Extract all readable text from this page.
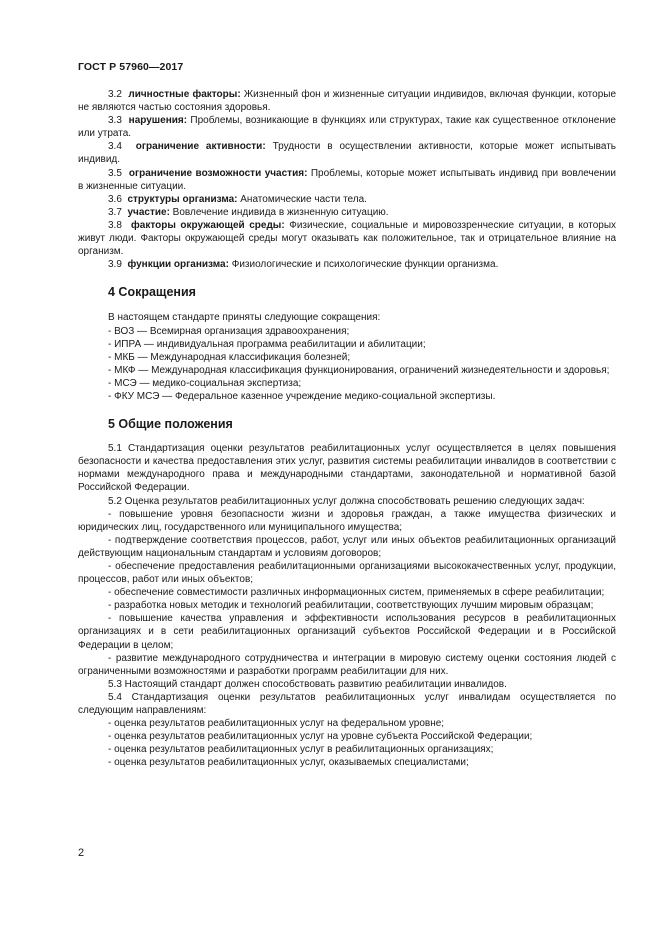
ГОСТ Р 57960—2017

3.2 личностные факторы: Жизненный фон и жизненные ситуации индивидов, включая функции, которые не являются частью состояния здоровья.

3.3 нарушения: Проблемы, возникающие в функциях или структурах, такие как существенное отклонение или утрата.

3.4 ограничение активности: Трудности в осуществлении активности, которые может испытывать индивид.

3.5 ограничение возможности участия: Проблемы, которые может испытывать индивид при вовлечении в жизненные ситуации.

3.6 структуры организма: Анатомические части тела.

3.7 участие: Вовлечение индивида в жизненную ситуацию.

3.8 факторы окружающей среды: Физические, социальные и мировоззренческие ситуации, в которых живут люди. Факторы окружающей среды могут оказывать как положительное, так и отрицательное влияние на организм.

3.9 функции организма: Физиологические и психологические функции организма.

4 Сокращения

В настоящем стандарте приняты следующие сокращения:

- ВОЗ — Всемирная организация здравоохранения;

- ИПРА — индивидуальная программа реабилитации и абилитации;

- МКБ — Международная классификация болезней;

- МКФ — Международная классификация функционирования, ограничений жизнедеятельности и здоровья;

- МСЭ — медико-социальная экспертиза;

- ФКУ МСЭ — Федеральное казенное учреждение медико-социальной экспертизы.

5 Общие положения

5.1 Стандартизация оценки результатов реабилитационных услуг осуществляется в целях повышения безопасности и качества предоставления этих услуг, развития системы реабилитации инвалидов в соответствии с нормами международного права и международными стандартами, законодательной и нормативной базой Российской Федерации.

5.2 Оценка результатов реабилитационных услуг должна способствовать решению следующих задач:

- повышение уровня безопасности жизни и здоровья граждан, а также имущества физических и юридических лиц, государственного или муниципального имущества;

- подтверждение соответствия процессов, работ, услуг или иных объектов реабилитационных организаций действующим национальным стандартам и условиям договоров;

- обеспечение предоставления реабилитационными организациями высококачественных услуг, продукции, процессов, работ или иных объектов;

- обеспечение совместимости различных информационных систем, применяемых в сфере реабилитации;

- разработка новых методик и технологий реабилитации, соответствующих лучшим мировым образцам;

- повышение качества управления и эффективности использования ресурсов в реабилитационных организациях и в сети реабилитационных организаций субъектов Российской Федерации и в Российской Федерации в целом;

- развитие международного сотрудничества и интеграции в мировую систему оценки состояния людей с ограниченными возможностями и разработки программ реабилитации для них.

5.3 Настоящий стандарт должен способствовать развитию реабилитации инвалидов.

5.4 Стандартизация оценки результатов реабилитационных услуг инвалидам осуществляется по следующим направлениям:

- оценка результатов реабилитационных услуг на федеральном уровне;

- оценка результатов реабилитационных услуг на уровне субъекта Российской Федерации;

- оценка результатов реабилитационных услуг в реабилитационных организациях;

- оценка результатов реабилитационных услуг, оказываемых специалистами;

2
